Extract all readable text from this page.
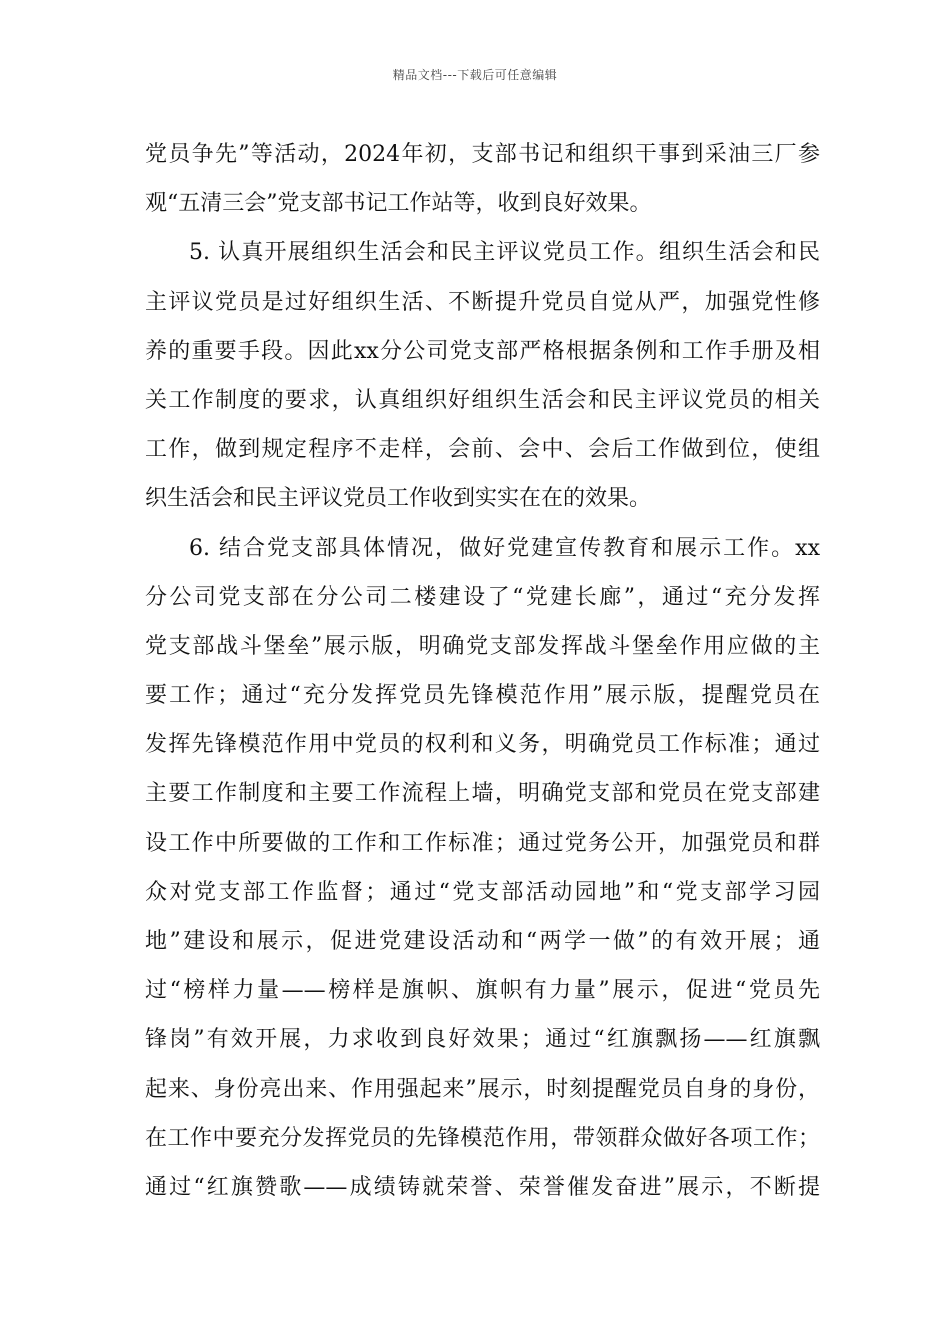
精品文档---下载后可任意编辑
党员争先”等活动，2024年初，支部书记和组织干事到采油三厂参
观“五清三会”党支部书记工作站等，收到良好效果。
5. 认真开展组织生活会和民主评议党员工作。组织生活会和民
主评议党员是过好组织生活、不断提升党员自觉从严，加强党性修
养的重要手段。因此xx分公司党支部严格根据条例和工作手册及相
关工作制度的要求，认真组织好组织生活会和民主评议党员的相关
工作，做到规定程序不走样，会前、会中、会后工作做到位，使组
织生活会和民主评议党员工作收到实实在在的效果。
6. 结合党支部具体情况，做好党建宣传教育和展示工作。xx
分公司党支部在分公司二楼建设了“党建长廊”，通过“充分发挥
党支部战斗堡垒”展示版，明确党支部发挥战斗堡垒作用应做的主
要工作；通过“充分发挥党员先锋模范作用”展示版，提醒党员在
发挥先锋模范作用中党员的权利和义务，明确党员工作标准；通过
主要工作制度和主要工作流程上墙，明确党支部和党员在党支部建
设工作中所要做的工作和工作标准；通过党务公开，加强党员和群
众对党支部工作监督；通过“党支部活动园地”和“党支部学习园
地”建设和展示，促进党建设活动和“两学一做”的有效开展；通
过“榜样力量——榜样是旗帜、旗帜有力量”展示，促进“党员先
锋岗”有效开展，力求收到良好效果；通过“红旗飘扬——红旗飘
起来、身份亮出来、作用强起来”展示，时刻提醒党员自身的身份，
在工作中要充分发挥党员的先锋模范作用，带领群众做好各项工作；
通过“红旗赞歌——成绩铸就荣誉、荣誉催发奋进”展示，不断提
